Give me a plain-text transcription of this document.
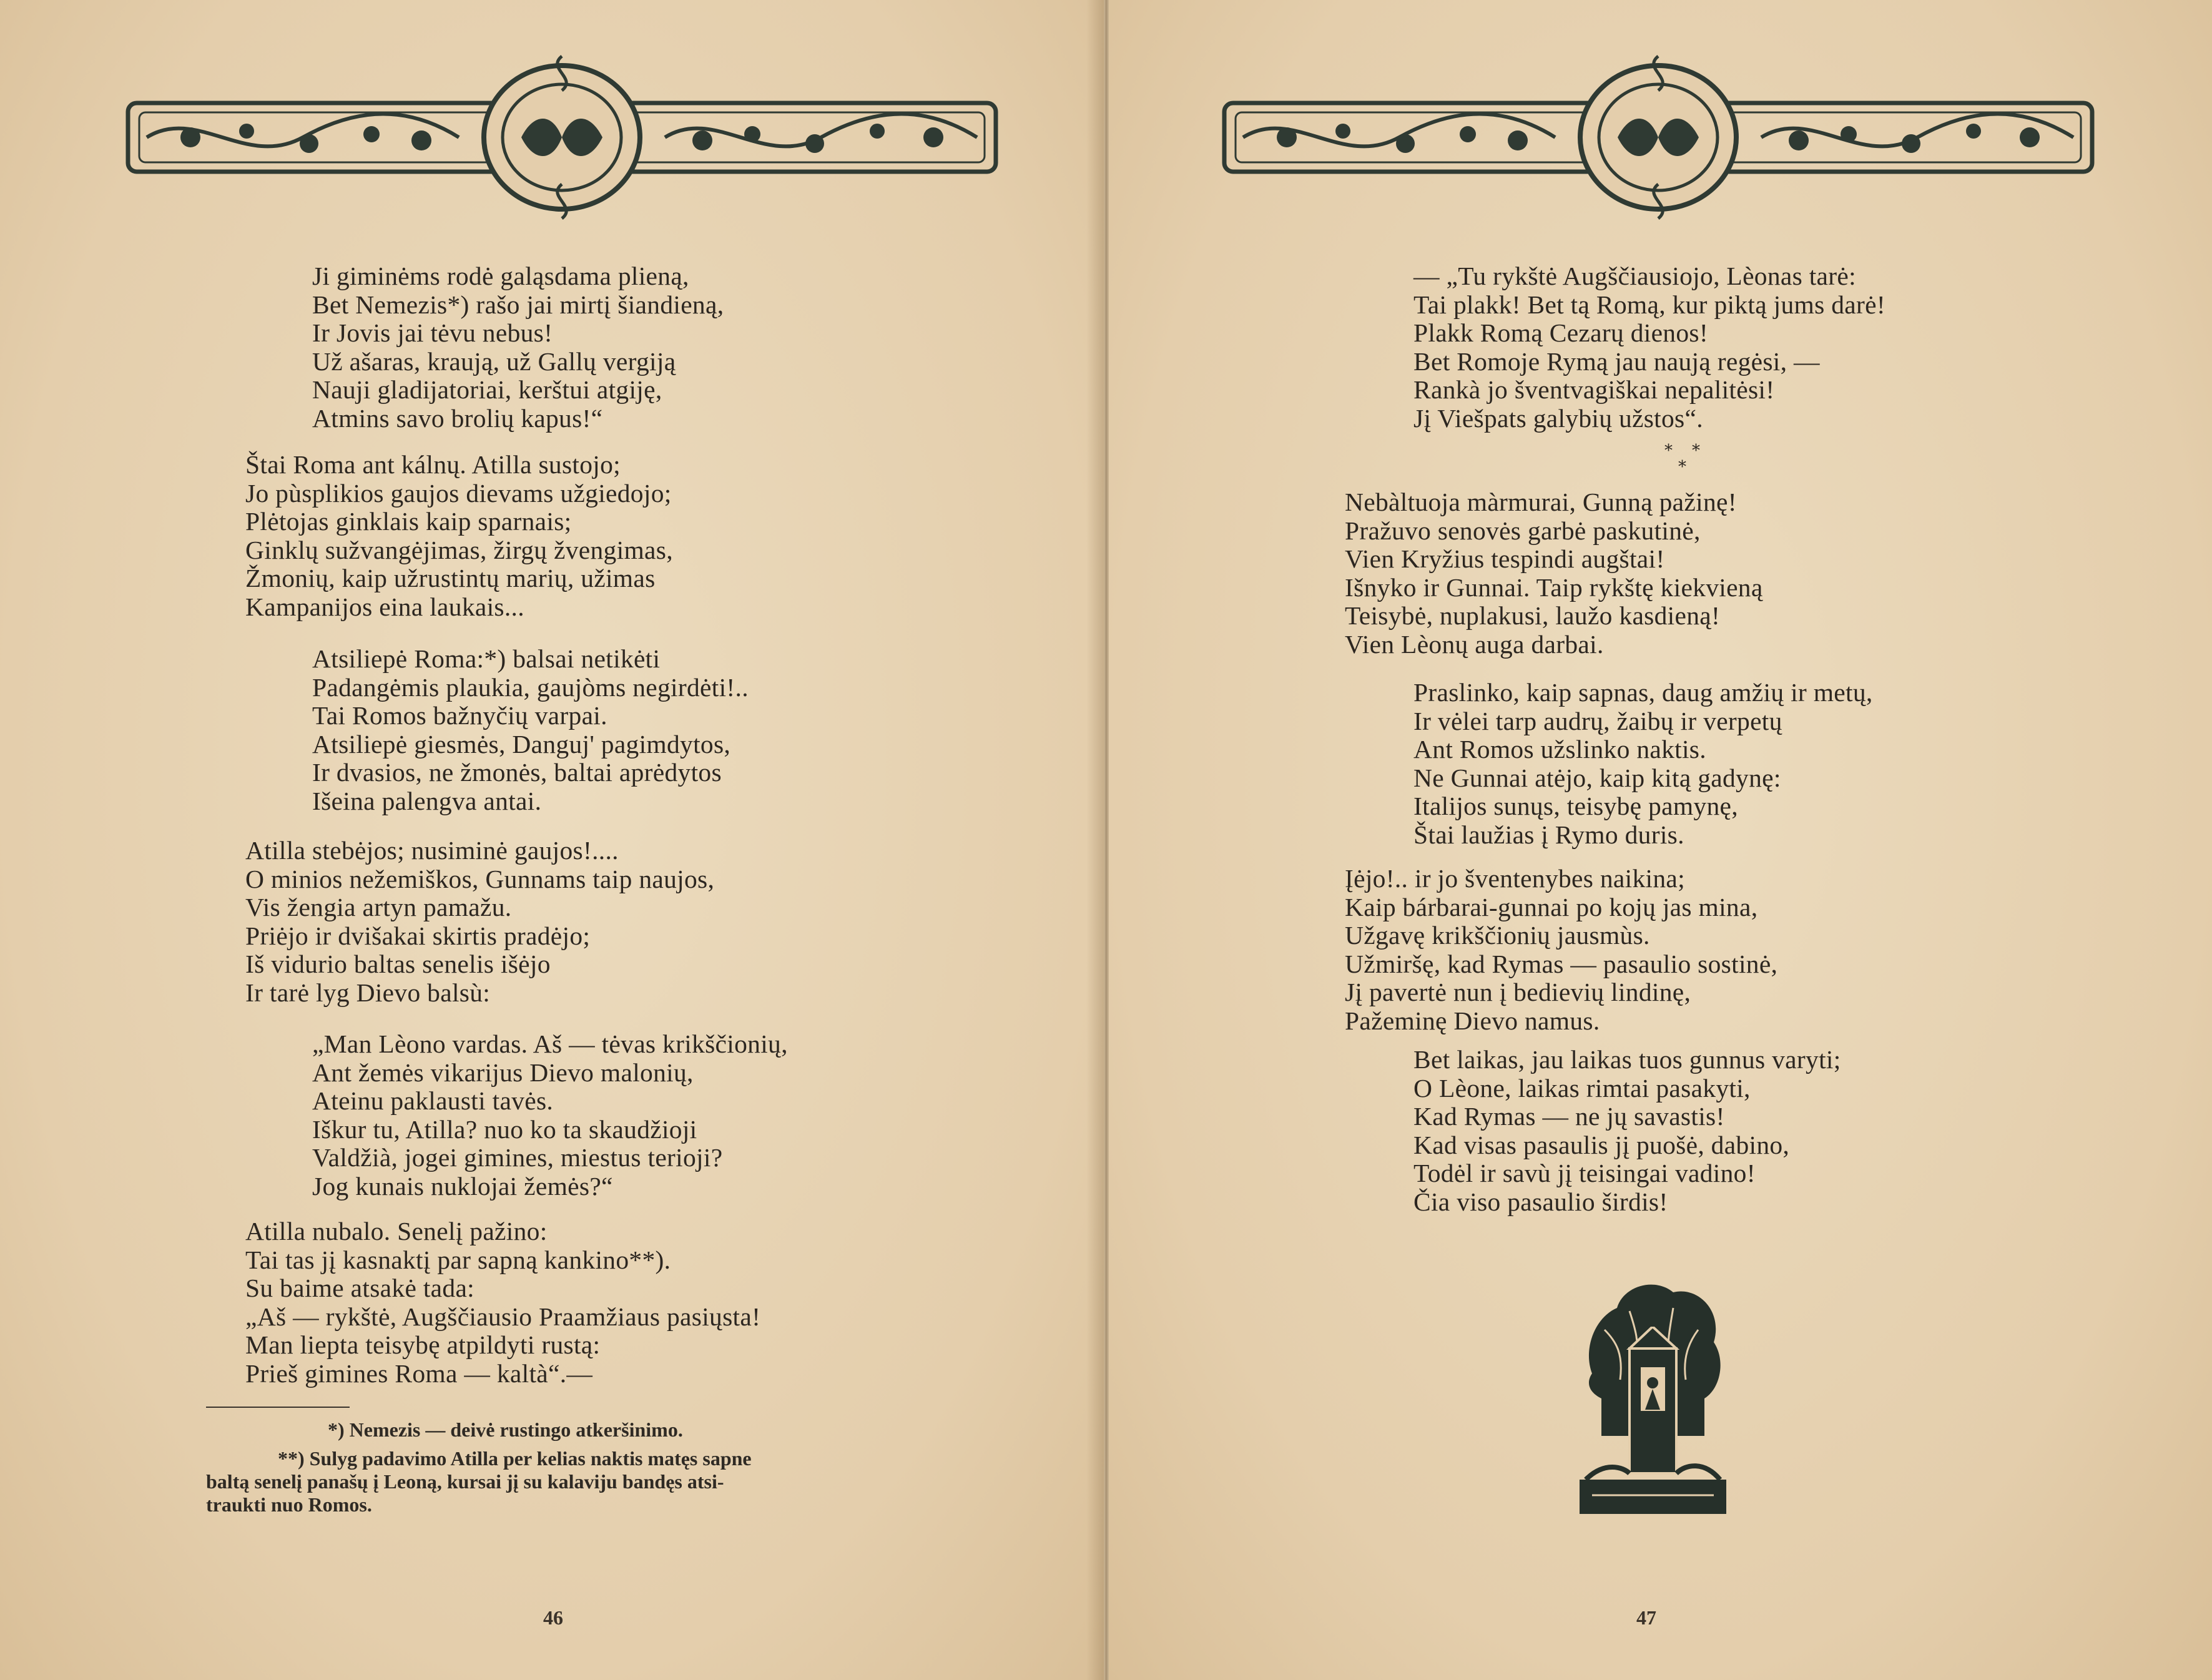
Ji giminėms rodė galąsdama plieną,
Bet Nemezis*) rašo jai mirtį šiandieną,
Ir Jovis jai tėvu nebus!
Už ašaras, kraują, už Gallų vergiją
Nauji gladijatoriai, kerštui atgiję,
Atmins savo brolių kapus!“
Štai Roma ant kálnų. Atilla sustojo;
Jo pùsplikios gaujos dievams užgiedojo;
Plėtojas ginklais kaip sparnais;
Ginklų sužvangėjimas, žirgų žvengimas,
Žmonių, kaip užrustintų marių, užimas
Kampanijos eina laukais...
Atsiliepė Roma:*) balsai netikėti
Padangėmis plaukia, gaujòms negirdėti!..
Tai Romos bažnyčių varpai.
Atsiliepė giesmės, Danguj' pagimdytos,
Ir dvasios, ne žmonės, baltai aprėdytos
Išeina palengva antai.
Atilla stebėjos; nusiminė gaujos!....
O minios nežemiškos, Gunnams taip naujos,
Vis žengia artyn pamažu.
Priėjo ir dvišakai skirtis pradėjo;
Iš vidurio baltas senelis išėjo
Ir tarė lyg Dievo balsù:
„Man Lèono vardas. Aš — tėvas krikščionių,
Ant žemės vikarijus Dievo malonių,
Ateinu paklausti tavės.
Iškur tu, Atilla? nuo ko ta skaudžioji
Valdžià, jogei gimines, miestus terioji?
Jog kunais nuklojai žemės?“
Atilla nubalo. Senelį pažino:
Tai tas jį kasnaktį par sapną kankino**).
Su baime atsakė tada:
„Aš — rykštė, Augščiausio Praamžiaus pasiųsta!
Man liepta teisybę atpildyti rustą:
Prieš gimines Roma — kaltà“.—
*) Nemezis — deivė rustingo atkeršinimo.
**) Sulyg padavimo Atilla per kelias naktis matęs sapne
baltą senelį panašų į Leoną, kursai jį su kalaviju bandęs atsi-
traukti nuo Romos.
46
— „Tu rykštė Augščiausiojo, Lèonas tarė:
Tai plakk! Bet tą Romą, kur piktą jums darė!
Plakk Romą Cezarų dienos!
Bet Romoje Rymą jau naują regėsi, —
Rankà jo šventvagiškai nepalitėsi!
Jį Viešpats galybių užstos“.
* *
*
Nebàltuoja màrmurai, Gunną pažinę!
Pražuvo senovės garbė paskutinė,
Vien Kryžius tespindi augštai!
Išnyko ir Gunnai. Taip rykštę kiekvieną
Teisybė, nuplakusi, laužo kasdieną!
Vien Lèonų auga darbai.
Praslinko, kaip sapnas, daug amžių ir metų,
Ir vėlei tarp audrų, žaibų ir verpetų
Ant Romos užslinko naktis.
Ne Gunnai atėjo, kaip kitą gadynę:
Italijos sunųs, teisybę pamynę,
Štai laužias į Rymo duris.
Įėjo!.. ir jo šventenybes naikina;
Kaip bárbarai-gunnai po kojų jas mina,
Užgavę krikščionių jausmùs.
Užmiršę, kad Rymas — pasaulio sostinė,
Jį pavertė nun į bedievių lindinę,
Pažeminę Dievo namus.
Bet laikas, jau laikas tuos gunnus varyti;
O Lèone, laikas rimtai pasakyti,
Kad Rymas — ne jų savastis!
Kad visas pasaulis jį puošė, dabino,
Todėl ir savù jį teisingai vadino!
Čia viso pasaulio širdis!
47
